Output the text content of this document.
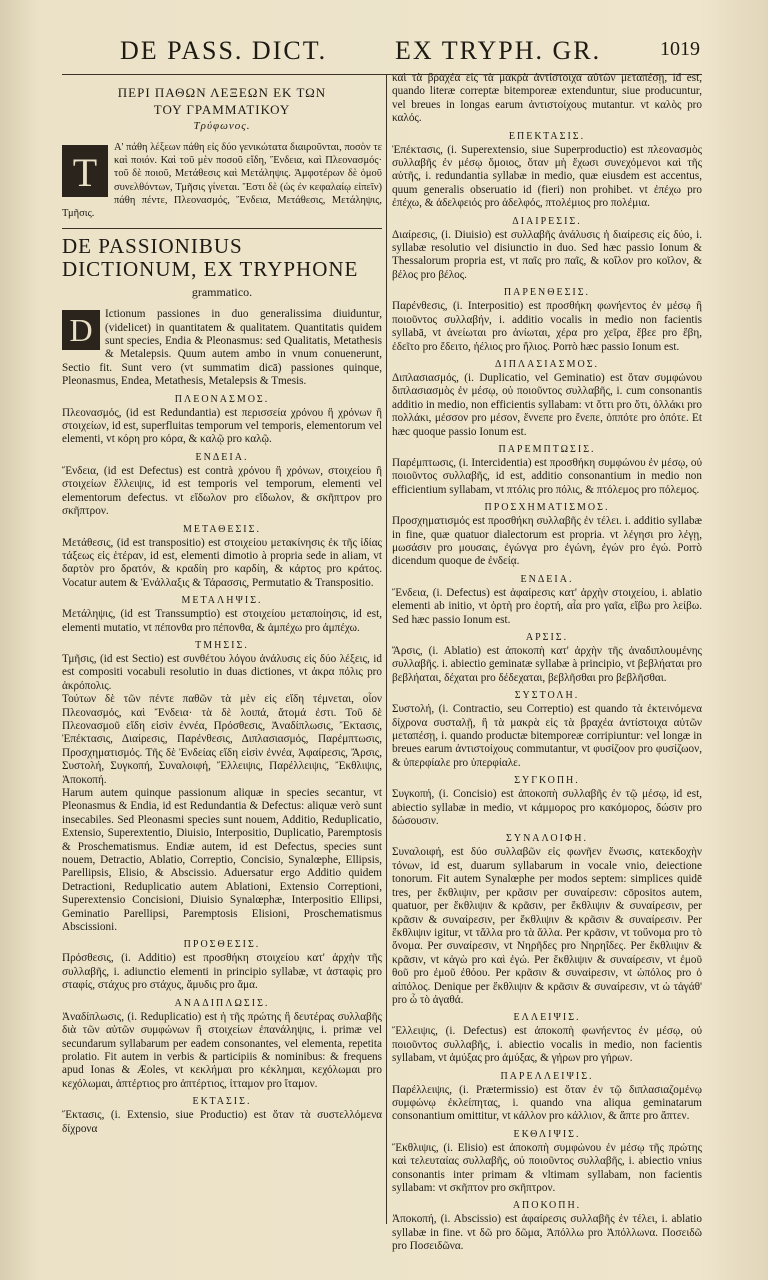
DE PASS. DICT.	EX TRYPH. GR.	1019
ΠΕΡΙ ΠΑΘΩΝ ΛΕΞΕΩΝ ΕΚ ΤΩΝ
ΤΟΥ ΓΡΑΜΜΑΤΙΚΟΥ
Τρύφωνος.
Τ

Α' πάθη λέξεων πάθη εἰς δύο γενικώτατα διαιροῦνται, ποσὸν τε καὶ ποιόν. Καὶ τοῦ μὲν ποσοῦ εἴδη, Ἔνδεια, καὶ Πλεονασμός· τοῦ δὲ ποιοῦ, Μετάθεσις καὶ Μετάληψις. Ἀμφοτέρων δὲ ὁμοῦ συνελθόντων, Τμῆσις γίνεται. Ἔστι δὲ (ὡς ἐν κεφαλαίῳ εἰπεῖν) πάθη πέντε, Πλεονασμός, Ἔνδεια, Μετάθεσις, Μετάληψις, Τμῆσις.

DE PASSIONIBUS DICTIONUM, EX TRYPHONE
grammatico.
D	Ictionum passiones in duo generalissima diuiduntur, (videlicet) in quantitatem & qualitatem. Quantitatis quidem sunt species, Endia & Pleonasmus: sed Qualitatis, Metathesis & Metalepsis. Quum autem ambo in vnum conuenerunt, Sectio fit. Sunt vero (vt summatim dicā) passiones quinque, Pleonasmus, Endea, Metathesis, Metalepsis & Tmesis.

ΠΛΕΟΝΑΣΜΟΣ.

Πλεονασμός, (id est Redundantia) est περισσεία χρόνου ἢ χρόνων ἢ στοιχείων, id est, superfluitas temporum vel temporis, elementorum vel elementi, vt κόρη pro κόρα, & καλῷ pro καλῷ.

ΕΝΔΕΙΑ.

Ἔνδεια, (id est Defectus) est contrà χρόνου ἢ χρόνων, στοιχείου ἢ στοιχείων ἔλλειψις, id est temporis vel temporum, elementi vel elementorum defectus. vt εἴδωλον pro εἴδωλον, & σκῆπτρον pro σκῆπτρον.

ΜΕΤΑΘΕΣΙΣ.

Μετάθεσις, (id est transpositio) est στοιχείου μετακίνησις ἐκ τῆς ἰδίας τάξεως εἰς ἑτέραν, id est, elementi dimotio à propria sede in aliam, vt δαρτὸν pro δρατόν, & κραδίη pro καρδίη, & κάρτος pro κράτος. Vocatur autem & Ἐνάλλαξις & Τάρασσις, Permutatio & Transpositio.

ΜΕΤΑΛΗΨΙΣ.

Μετάληψις, (id est Transsumptio) est στοιχείου μεταποίησις, id est, elementi mutatio, vt πέπονθα pro πέπονθα, & ἀμπέχω pro ἀμπέχω.

ΤΜΗΣΙΣ.

Τμῆσις, (id est Sectio) est συνθέτου λόγου ἀνάλυσις εἰς δύο λέξεις, id est compositi vocabuli resolutio in duas dictiones, vt ἀκρα πόλις pro ἀκρόπολις.

Τούτων δὲ τῶν πέντε παθῶν τὰ μὲν εἰς εἴδη τέμνεται, οἷον Πλεονασμός, καὶ Ἔνδεια· τὰ δὲ λοιπά, ἄτομά ἐστι. Τοῦ δὲ Πλεονασμοῦ εἴδη εἰσὶν ἐννέα, Πρόσθεσις, Ἀναδίπλωσις, Ἔκτασις, Ἐπέκτασις, Διαίρεσις, Παρένθεσις, Διπλασιασμός, Παρέμπτωσις, Προσχηματισμός. Τῆς δὲ Ἐνδείας εἴδη εἰσὶν ἐννέα, Ἀφαίρεσις, Ἄρσις, Συστολή, Συγκοπή, Συναλοιφή, Ἔλλειψις, Παρέλλειψις, Ἔκθλιψις, Ἀποκοπή.

Harum autem quinque passionum aliquæ in species secantur, vt Pleonasmus & Endia, id est Redundantia & Defectus: aliquæ verò sunt insecabiles. Sed Pleonasmi species sunt nouem, Additio, Reduplicatio, Extensio, Superextentio, Diuisio, Interpositio, Duplicatio, Paremptosis & Proschematismus. Endiæ autem, id est Defectus, species sunt nouem, Detractio, Ablatio, Correptio, Concisio, Synalœphe, Ellipsis, Parellipsis, Elisio, & Abscissio. Aduersatur ergo Additio quidem Detractioni, Reduplicatio autem Ablationi, Extensio Correptioni, Superextensio Concisioni, Diuisio Synalœphæ, Interpositio Ellipsi, Geminatio Parellipsi, Paremptosis Elisioni, Proschematismus Abscissioni.

ΠΡΟΣΘΕΣΙΣ.

Πρόσθεσις, (i. Additio) est προσθήκη στοιχείου κατ' ἀρχὴν τῆς συλλαβῆς, i. adiunctio elementi in principio syllabæ, vt ἀσταφὶς pro σταφίς, στάχυς pro στάχυς, ἄμυδις pro ἅμα.

ΑΝΑΔΙΠΛΩΣΙΣ.

Ἀναδίπλωσις, (i. Reduplicatio) est ἡ τῆς πρώτης ἢ δευτέρας συλλαβῆς διὰ τῶν αὐτῶν συμφώνων ἢ στοιχείων ἐπανάληψις, i. primæ vel secundarum syllabarum per eadem consonantes, vel elementa, repetita prolatio. Fit autem in verbis & participiis & nominibus: & frequens apud Ionas & Æoles, vt κεκλήμαι pro κέκλημαι, κεχόλωμαι pro κεχόλωμαι, ἀπτέρτιος pro ἀπτέρτιος, ἰτταμον pro ἴταμον.

ΕΚΤΑΣΙΣ.

Ἔκτασις, (i. Extensio, siue Productio) est ὅταν τὰ συστελλόμενα δίχρονα

καὶ τὰ βραχέα εἰς τὰ μακρὰ ἀντίστοιχα αὐτῶν μεταπέσῃ, id est, quando literæ correptæ bitemporeæ extenduntur, siue producuntur, vel breues in longas earum ἀντιστοίχους mutantur. vt καλὸς pro καλός.

ΕΠΕΚΤΑΣΙΣ.

Ἐπέκτασις, (i. Superextensio, siue Superproductio) est πλεονασμὸς συλλαβῆς ἐν μέσῳ ὅμοιος, ὅταν μὴ ἔχωσι συνεχόμενοι καὶ τῆς αὐτῆς, i. redundantia syllabæ in medio, quæ eiusdem est accentus, quum generalis obseruatio id (fieri) non prohibet. vt ἐπέχω pro ἐπέχω, & ἀδελφειός pro ἀδελφός, πτολέμιος pro πολέμια.

ΔΙΑΙΡΕΣΙΣ.

Διαίρεσις, (i. Diuisio) est συλλαβῆς ἀνάλυσις ἡ διαίρεσις εἰς δύο, i. syllabæ resolutio vel disiunctio in duo. Sed hæc passio Ionum & Thessalorum propria est, vt παῖς pro παῖς, & κοΐλον pro κοῖλον, & βέλος pro βέλος.

ΠΑΡΕΝΘΕΣΙΣ.

Παρένθεσις, (i. Interpositio) est προσθήκη φωνήεντος ἐν μέσῳ ἢ ποιοῦντος συλλαβήν, i. additio vocalis in medio non facientis syllabā, vt ἀνείωται pro ἀνίωται, χέρα pro χεῖρα, ἔβεε pro ἔβη, ἐδεῖτο pro ἔδειτο, ἠέλιος pro ἥλιος. Porrò hæc passio Ionum est.

ΔΙΠΛΑΣΙΑΣΜΟΣ.

Διπλασιασμός, (i. Duplicatio, vel Geminatio) est ὅταν συμφώνου διπλασιασμὸς ἐν μέσῳ, οὐ ποιοῦντος συλλαβῆς, i. cum consonantis additio in medio, non efficientis syllabam: vt ὅττι pro ὅτι, ὀλλάκι pro πολλάκι, μέσσον pro μέσον, ἔννεπε pro ἔνεπε, ὁππότε pro ὁπότε. Et hæc quoque passio Ionum est.

ΠΑΡΕΜΠΤΩΣΙΣ.

Παρέμπτωσις, (i. Intercidentia) est προσθήκη συμφώνου ἐν μέσῳ, οὐ ποιοῦντος συλλαβῆς, id est, additio consonantium in medio non efficientium syllabam, vt πτόλις pro πόλις, & πτόλεμος pro πόλεμος.

ΠΡΟΣΧΗΜΑΤΙΣΜΟΣ.

Προσχηματισμός est προσθήκη συλλαβῆς ἐν τέλει. i. additio syllabæ in fine, quæ quatuor dialectorum est propria. vt λέγησι pro λέγῃ, μωσάσιν pro μουσαις, ἐγώνγα pro ἐγώνη, ἐγών pro ἐγώ. Porrò dicendum quoque de ἐνδείᾳ.

ΕΝΔΕΙΑ.

Ἔνδεια, (i. Defectus) est ἀφαίρεσις κατ' ἀρχὴν στοιχείου, i. ablatio elementi ab initio, vt ὀρτὴ pro ἑορτή, αἶα pro γαῖα, εἴβω pro λείβω. Sed hæc passio Ionum est.

ΑΡΣΙΣ.

Ἄρσις, (i. Ablatio) est ἀποκοπὴ κατ' ἀρχὴν τῆς ἀναδιπλουμένης συλλαβῆς. i. abiectio geminatæ syllabæ à principio, vt βεβλήαται pro βεβλήαται, δέχαται pro δέδεχαται, βεβλῆσθαι pro βεβλῆσθαι.

ΣΥΣΤΟΛΗ.

Συστολή, (i. Contractio, seu Correptio) est quando τὰ ἐκτεινόμενα δίχρονα συσταλῇ, ἢ τὰ μακρὰ εἰς τὰ βραχέα ἀντίστοιχα αὐτῶν μεταπέσῃ, i. quando productæ bitemporeæ corripiuntur: vel longæ in breues earum ἀντιστοίχους commutantur, vt φυσίζοον pro φυσίζωον, & ὑπερφίαλε pro ὑπερφίαλε.

ΣΥΓΚΟΠΗ.

Συγκοπή, (i. Concisio) est ἀποκοπὴ συλλαβῆς ἐν τῷ μέσῳ, id est, abiectio syllabæ in medio, vt κάμμορος pro κακόμορος, δώσιν pro δώσουσιν.

ΣΥΝΑΛΟΙΦΗ.

Συναλοιφή, est δύο συλλαβῶν εἰς φωνῆεν ἕνωσις, κατεκδοχὴν τόνων, id est, duarum syllabarum in vocale vnio, deiectione tonorum. Fit autem Synalœphe per modos septem: simplices quidē tres, per ἔκθλιψιν, per κρᾶσιν per συναίρεσιν: cōpositos autem, quatuor, per ἔκθλιψιν & κρᾶσιν, per ἔκθλιψιν & συναίρεσιν, per κρᾶσιν & συναίρεσιν, per ἔκθλιψιν & κρᾶσιν & συναίρεσιν. Per ἔκθλιψιν igitur, vt τἄλλα pro τὰ ἄλλα. Per κρᾶσιν, vt τοὔνομα pro τὸ ὄνομα. Per συναίρεσιν, vt Νηρῆδες pro Νηρηΐδες. Per ἔκθλιψιν & κρᾶσιν, vt κἀγὼ pro καὶ ἐγώ. Per ἔκθλιψιν & συναίρεσιν, vt ἐμοῦ θοῦ pro ἐμοῦ ἐθόου. Per κρᾶσιν & συναίρεσιν, vt ὠπόλος pro ὁ αἰπόλος. Denique per ἔκθλιψιν & κρᾶσιν & συναίρεσιν, vt ὡ τἀγάθ' pro ὦ τὸ ἀγαθά.

ΕΛΛΕΙΨΙΣ.

Ἔλλειψις, (i. Defectus) est ἀποκοπὴ φωνήεντος ἐν μέσῳ, οὐ ποιοῦντος συλλαβῆς, i. abiectio vocalis in medio, non facientis syllabam, vt ἀμύξας pro ἀμύξας, & γήρων pro γήρων.

ΠΑΡΕΛΛΕΙΨΙΣ.

Παρέλλειψις, (i. Prætermissio) est ὅταν ἐν τῷ διπλασιαζομένῳ συμφώνῳ ἐκλείπητας, i. quando vna aliqua geminatarum consonantium omittitur, vt κάλλον pro κάλλιον, & ἄπτε pro ἅπτεν.

ΕΚΘΛΙΨΙΣ.

Ἔκθλιψις, (i. Elisio) est ἀποκοπὴ συμφώνου ἐν μέσῳ τῆς πρώτης καὶ τελευταίας συλλαβῆς, οὐ ποιοῦντος συλλαβῆς, i. abiectio vnius consonantis inter primam & vltimam syllabam, non facientis syllabam: vt σκῆπτον pro σκῆπτρον.

ΑΠΟΚΟΠΗ.

Ἀποκοπή, (i. Abscissio) est ἀφαίρεσις συλλαβῆς ἐν τέλει, i. ablatio syllabæ in fine. vt δῶ pro δῶμα, Ἀπόλλω pro Ἀπόλλωνα. Ποσειδῶ pro Ποσειδῶνα.
